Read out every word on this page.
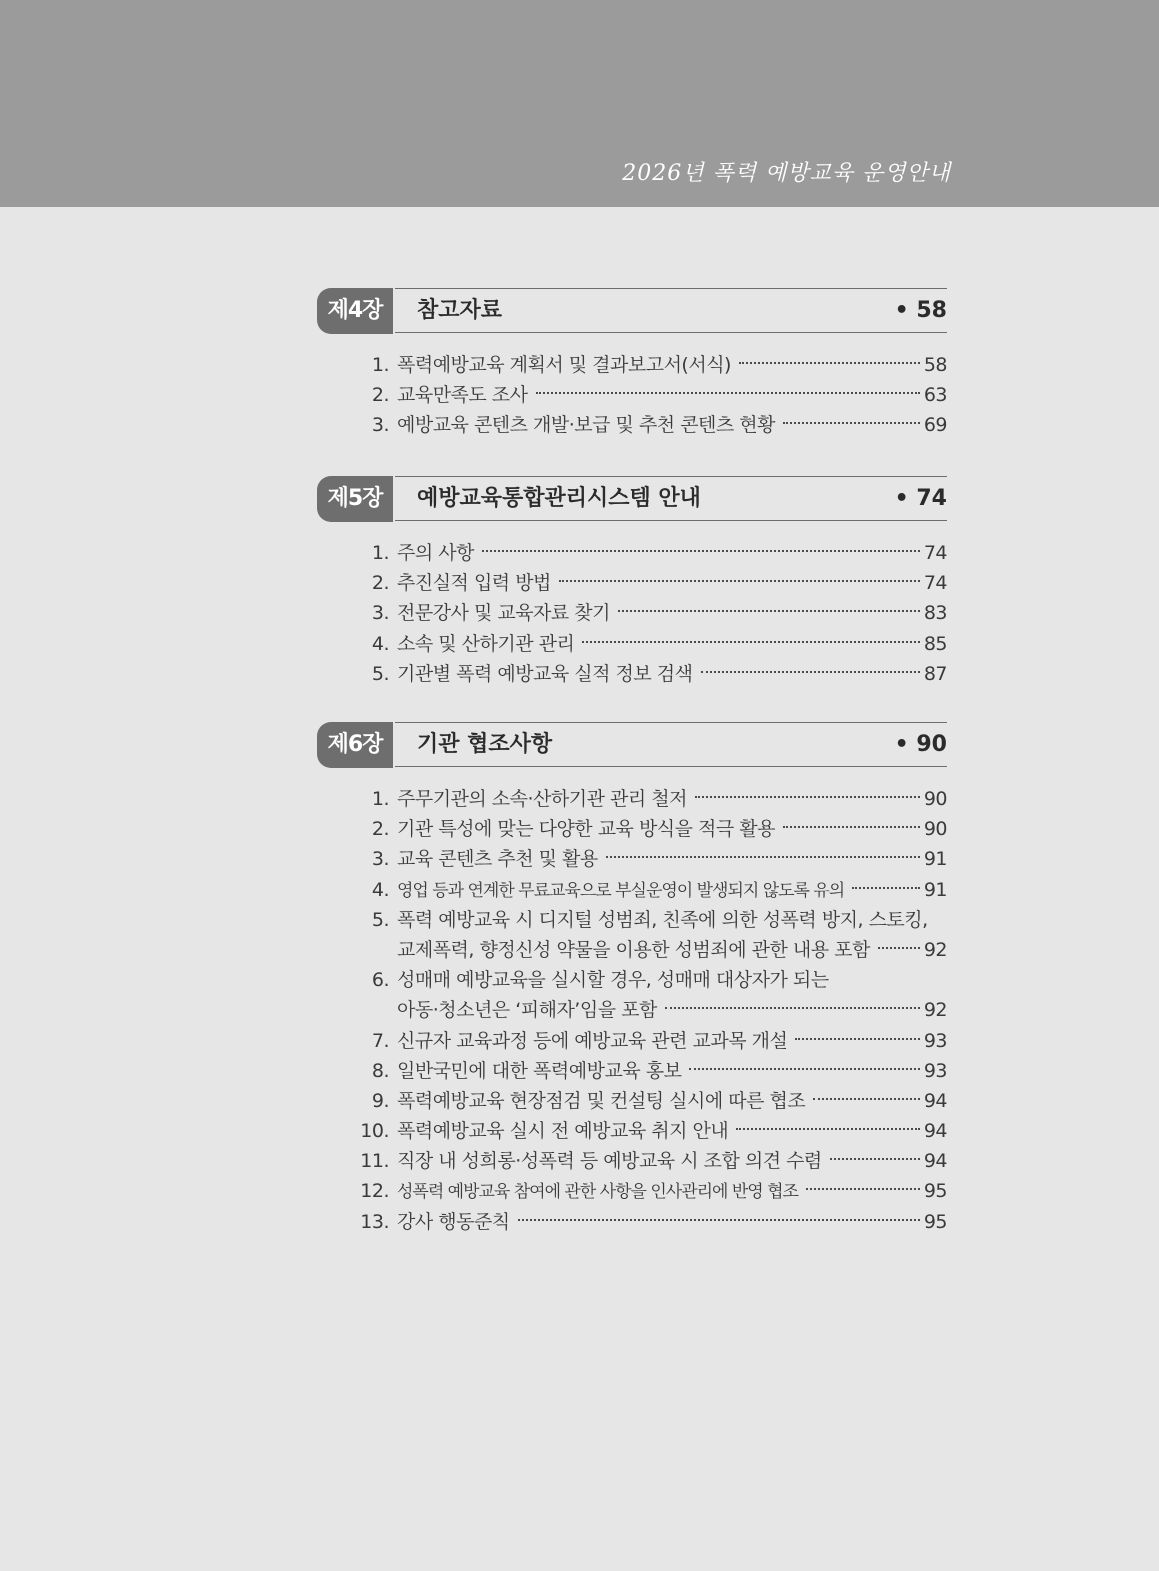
2026년 폭력 예방교육 운영안내
제4장	참고자료	• 58
1. 폭력예방교육 계획서 및 결과보고서(서식)	58
2. 교육만족도 조사	63
3. 예방교육 콘텐츠 개발·보급 및 추천 콘텐츠 현황	69
제5장	예방교육통합관리시스템 안내	• 74
1. 주의 사항	74
2. 추진실적 입력 방법	74
3. 전문강사 및 교육자료 찾기	83
4. 소속 및 산하기관 관리	85
5. 기관별 폭력 예방교육 실적 정보 검색	87
제6장	기관 협조사항	• 90
1. 주무기관의 소속·산하기관 관리 철저	90
2. 기관 특성에 맞는 다양한 교육 방식을 적극 활용	90
3. 교육 콘텐츠 추천 및 활용	91
4. 영업 등과 연계한 무료교육으로 부실운영이 발생되지 않도록 유의	91
5. 폭력 예방교육 시 디지털 성범죄, 친족에 의한 성폭력 방지, 스토킹,
교제폭력, 향정신성 약물을 이용한 성범죄에 관한 내용 포함	92
6. 성매매 예방교육을 실시할 경우, 성매매 대상자가 되는
아동·청소년은 ‘피해자’임을 포함	92
7. 신규자 교육과정 등에 예방교육 관련 교과목 개설	93
8. 일반국민에 대한 폭력예방교육 홍보	93
9. 폭력예방교육 현장점검 및 컨설팅 실시에 따른 협조	94
10. 폭력예방교육 실시 전 예방교육 취지 안내	94
11. 직장 내 성희롱·성폭력 등 예방교육 시 조합 의견 수렴	94
12. 성폭력 예방교육 참여에 관한 사항을 인사관리에 반영 협조	95
13. 강사 행동준칙	95
